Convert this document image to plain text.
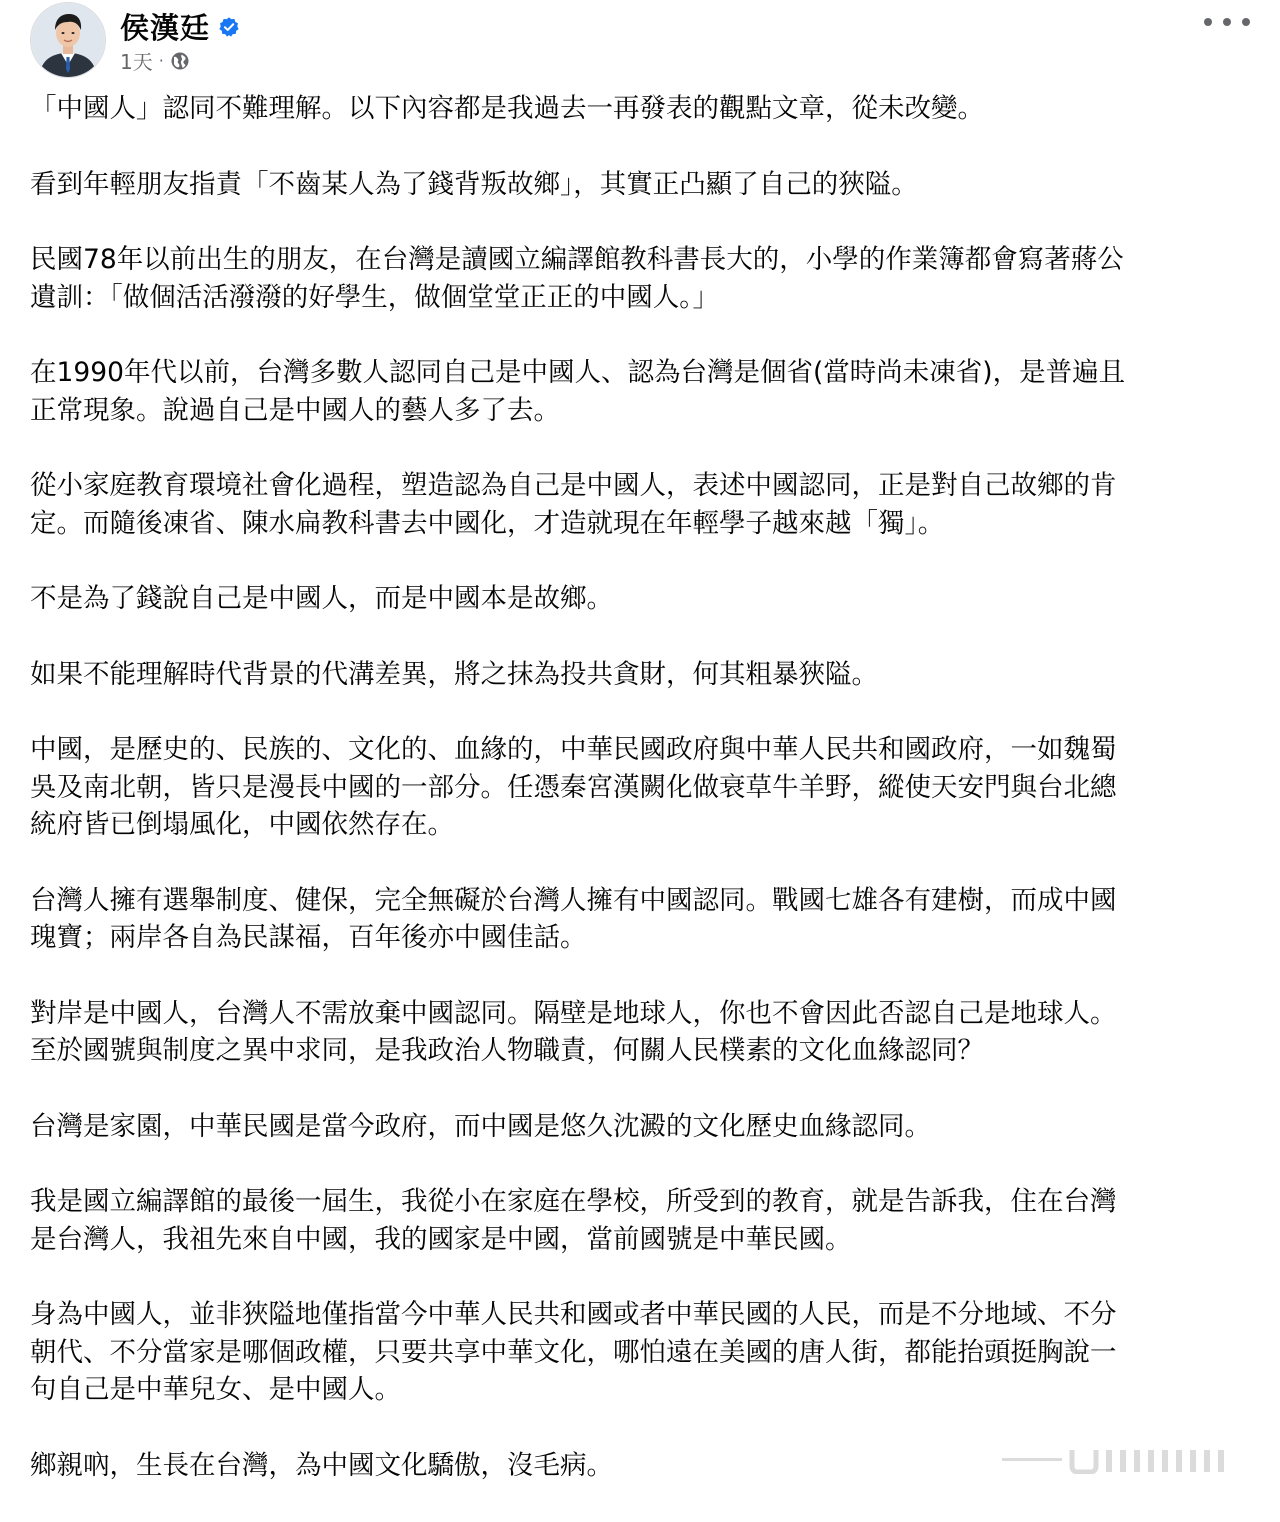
侯漢廷
1天 ·

「中國人」認同不難理解。以下內容都是我過去一再發表的觀點文章，從未改變。

看到年輕朋友指責「不齒某人為了錢背叛故鄉」，其實正凸顯了自己的狹隘。

民國78年以前出生的朋友，在台灣是讀國立編譯館教科書長大的，小學的作業簿都會寫著蔣公
遺訓：「做個活活潑潑的好學生，做個堂堂正正的中國人。」

在1990年代以前，台灣多數人認同自己是中國人、認為台灣是個省(當時尚未凍省)，是普遍且
正常現象。說過自己是中國人的藝人多了去。

從小家庭教育環境社會化過程，塑造認為自己是中國人，表述中國認同，正是對自己故鄉的肯
定。而隨後凍省、陳水扁教科書去中國化，才造就現在年輕學子越來越「獨」。

不是為了錢說自己是中國人，而是中國本是故鄉。

如果不能理解時代背景的代溝差異，將之抹為投共貪財，何其粗暴狹隘。

中國，是歷史的、民族的、文化的、血緣的，中華民國政府與中華人民共和國政府，一如魏蜀
吳及南北朝，皆只是漫長中國的一部分。任憑秦宮漢闕化做衰草牛羊野，縱使天安門與台北總
統府皆已倒塌風化，中國依然存在。

台灣人擁有選舉制度、健保，完全無礙於台灣人擁有中國認同。戰國七雄各有建樹，而成中國
瑰寶；兩岸各自為民謀福，百年後亦中國佳話。

對岸是中國人，台灣人不需放棄中國認同。隔壁是地球人，你也不會因此否認自己是地球人。
至於國號與制度之異中求同，是我政治人物職責，何關人民樸素的文化血緣認同？

台灣是家園，中華民國是當今政府，而中國是悠久沈澱的文化歷史血緣認同。

我是國立編譯館的最後一屆生，我從小在家庭在學校，所受到的教育，就是告訴我，住在台灣
是台灣人，我祖先來自中國，我的國家是中國，當前國號是中華民國。

身為中國人，並非狹隘地僅指當今中華人民共和國或者中華民國的人民，而是不分地域、不分
朝代、不分當家是哪個政權，只要共享中華文化，哪怕遠在美國的唐人街，都能抬頭挺胸說一
句自己是中華兒女、是中國人。

鄉親吶，生長在台灣，為中國文化驕傲，沒毛病。
